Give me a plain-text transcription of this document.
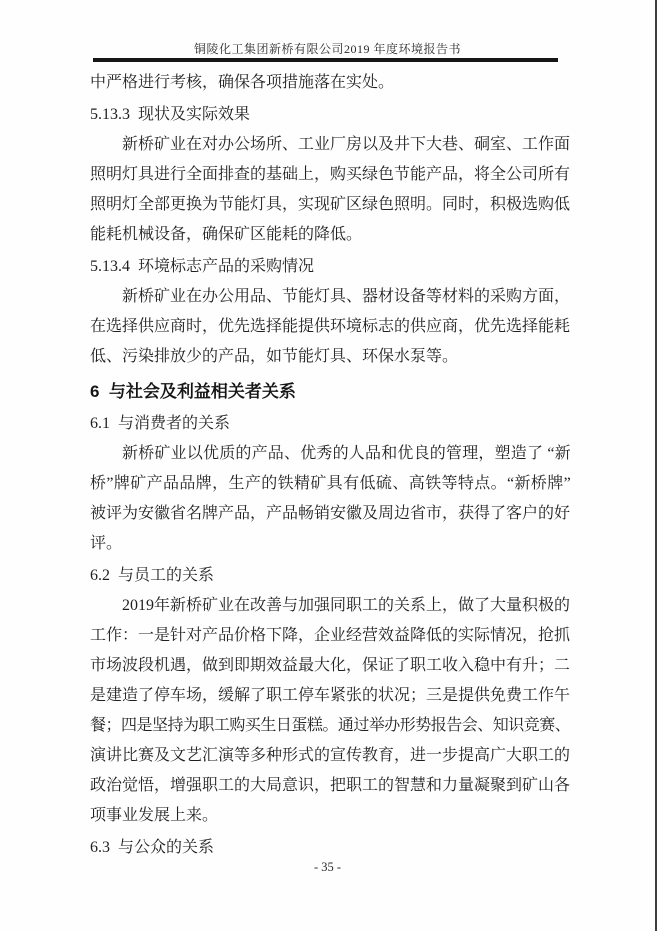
铜陵化工集团新桥有限公司2019 年度环境报告书
中严格进行考核，确保各项措施落在实处。
5.13.3  现状及实际效果
新桥矿业在对办公场所、工业厂房以及井下大巷、硐室、工作面
照明灯具进行全面排查的基础上，购买绿色节能产品，将全公司所有
照明灯全部更换为节能灯具，实现矿区绿色照明。同时，积极选购低
能耗机械设备，确保矿区能耗的降低。
5.13.4  环境标志产品的采购情况
新桥矿业在办公用品、节能灯具、器材设备等材料的采购方面，
在选择供应商时，优先选择能提供环境标志的供应商，优先选择能耗
低、污染排放少的产品，如节能灯具、环保水泵等。
6  与社会及利益相关者关系
6.1  与消费者的关系
新桥矿业以优质的产品、优秀的人品和优良的管理，塑造了 “新
桥”牌矿产品品牌，生产的铁精矿具有低硫、高铁等特点。“新桥牌”
被评为安徽省名牌产品，产品畅销安徽及周边省市，获得了客户的好
评。
6.2  与员工的关系
2019年新桥矿业在改善与加强同职工的关系上，做了大量积极的
工作：一是针对产品价格下降，企业经营效益降低的实际情况，抢抓
市场波段机遇，做到即期效益最大化，保证了职工收入稳中有升；二
是建造了停车场，缓解了职工停车紧张的状况；三是提供免费工作午
餐；四是坚持为职工购买生日蛋糕。通过举办形势报告会、知识竞赛、
演讲比赛及文艺汇演等多种形式的宣传教育，进一步提高广大职工的
政治觉悟，增强职工的大局意识，把职工的智慧和力量凝聚到矿山各
项事业发展上来。
6.3  与公众的关系
- 35 -
